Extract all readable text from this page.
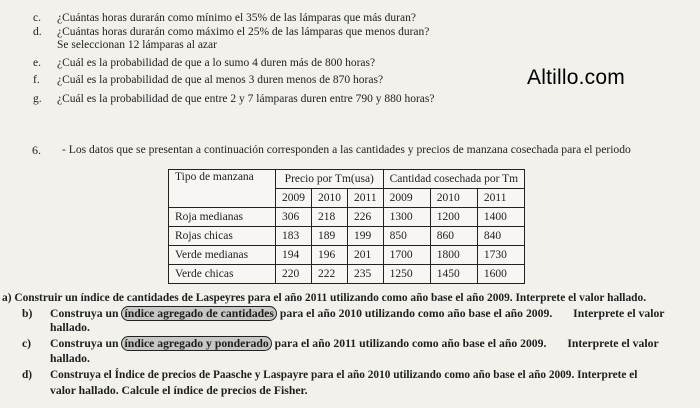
c. ¿Cuántas horas durarán como mínimo el 35% de las lámparas que más duran?
d. ¿Cuántas horas durarán como máximo el 25% de las lámparas que menos duran?
Se seleccionan 12 lámparas al azar
e. ¿Cuál es la probabilidad de que a lo sumo 4 duren más de 800 horas?
f. ¿Cuál es la probabilidad de que al menos 3 duren menos de 870 horas?
g. ¿Cuál es la probabilidad de que entre 2 y 7 lámparas duren entre 790 y 880 horas?
Altillo.com
6. - Los datos que se presentan a continuación corresponden a las cantidades y precios de manzana cosechada para el periodo
Tipo de manzana	Precio por Tm(usa)			Cantidad cosechada por Tm		
	2009	2010	2011	2009	2010	2011
Roja medianas	306	218	226	1300	1200	1400
Rojas chicas	183	189	199	850	860	840
Verde medianas	194	196	201	1700	1800	1730
Verde chicas	220	222	235	1250	1450	1600
a) Construir un índice de cantidades de Laspeyres para el año 2011 utilizando como año base el año 2009. Interprete el valor hallado.
b) Construya un índice agregado de cantidades para el año 2010 utilizando como año base el año 2009. Interprete el valor
hallado.
c) Construya un índice agregado y ponderado para el año 2011 utilizando como año base el año 2009. Interprete el valor
hallado.
d) Construya el Índice de precios de Paasche y Laspayre para el año 2010 utilizando como año base el año 2009. Interprete el
valor hallado. Calcule el índice de precios de Fisher.
